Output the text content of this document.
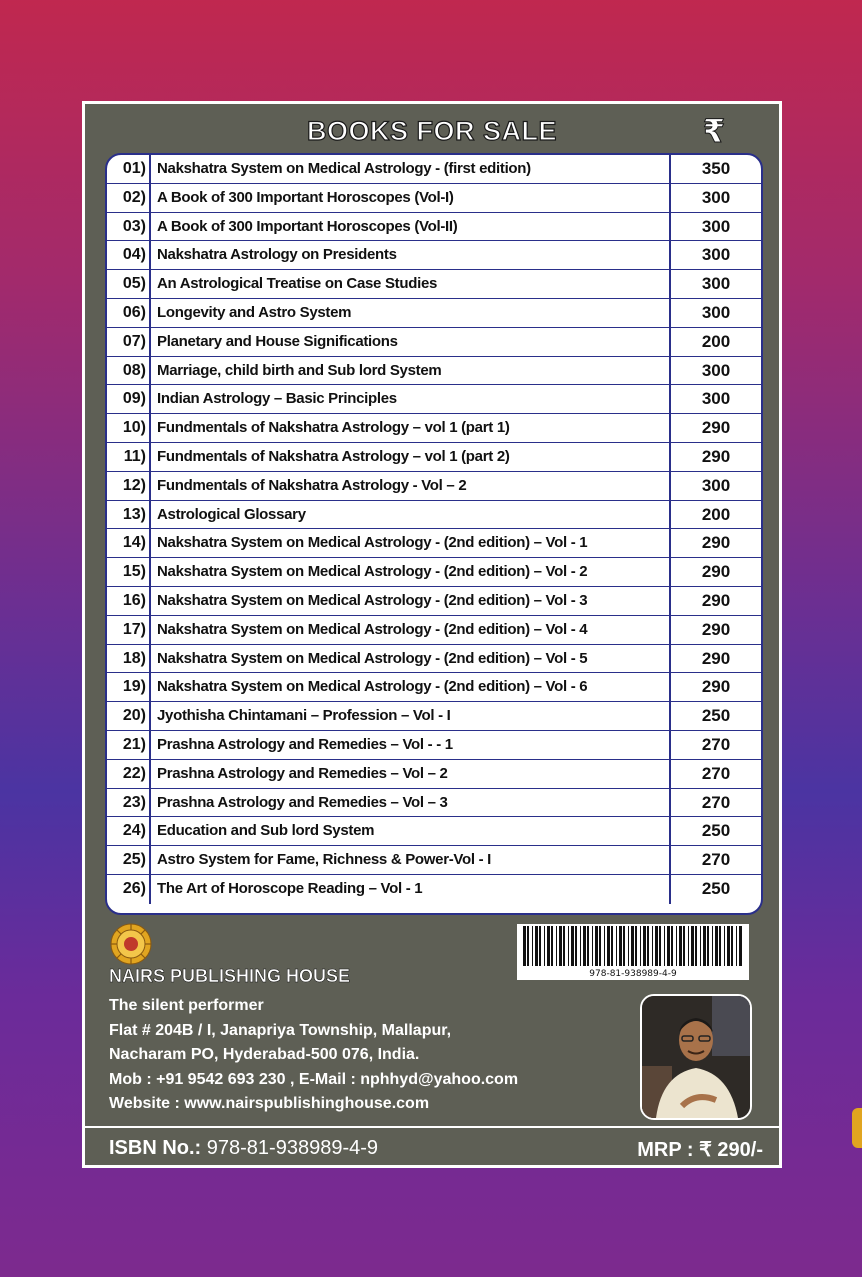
BOOKS FOR SALE	₹
01) Nakshatra System on Medical Astrology - (first edition)	350
02) A Book of 300 Important Horoscopes (Vol-I)	300
03) A Book of 300 Important Horoscopes (Vol-II)	300
04) Nakshatra Astrology on Presidents	300
05) An Astrological Treatise on Case Studies	300
06) Longevity and Astro System	300
07) Planetary and House Significations	200
08) Marriage, child birth and Sub lord System	300
09) Indian Astrology – Basic Principles	300
10) Fundmentals of Nakshatra Astrology – vol 1 (part 1)	290
11) Fundmentals of Nakshatra Astrology – vol 1 (part 2)	290
12) Fundmentals of Nakshatra Astrology - Vol – 2	300
13) Astrological Glossary	200
14) Nakshatra System on Medical Astrology - (2nd edition) – Vol - 1	290
15) Nakshatra System on Medical Astrology - (2nd edition) – Vol - 2	290
16) Nakshatra System on Medical Astrology - (2nd edition) – Vol - 3	290
17) Nakshatra System on Medical Astrology - (2nd edition) – Vol - 4	290
18) Nakshatra System on Medical Astrology - (2nd edition) – Vol - 5	290
19) Nakshatra System on Medical Astrology - (2nd edition) – Vol - 6	290
20) Jyothisha Chintamani – Profession – Vol - I	250
21) Prashna Astrology and Remedies – Vol - - 1	270
22) Prashna Astrology and Remedies – Vol – 2	270
23) Prashna Astrology and Remedies – Vol – 3	270
24) Education and Sub lord System	250
25) Astro System for Fame, Richness & Power-Vol - I	270
26) The Art of Horoscope Reading – Vol - 1	250
978-81-938989-4-9
NAIRS PUBLISHING HOUSE
The silent performer
Flat # 204B / I, Janapriya Township, Mallapur,
Nacharam PO, Hyderabad-500 076, India.
Mob : +91 9542 693 230 , E-Mail : nphhyd@yahoo.com
Website : www.nairspublishinghouse.com
ISBN No.: 978-81-938989-4-9	MRP : ₹ 290/-
